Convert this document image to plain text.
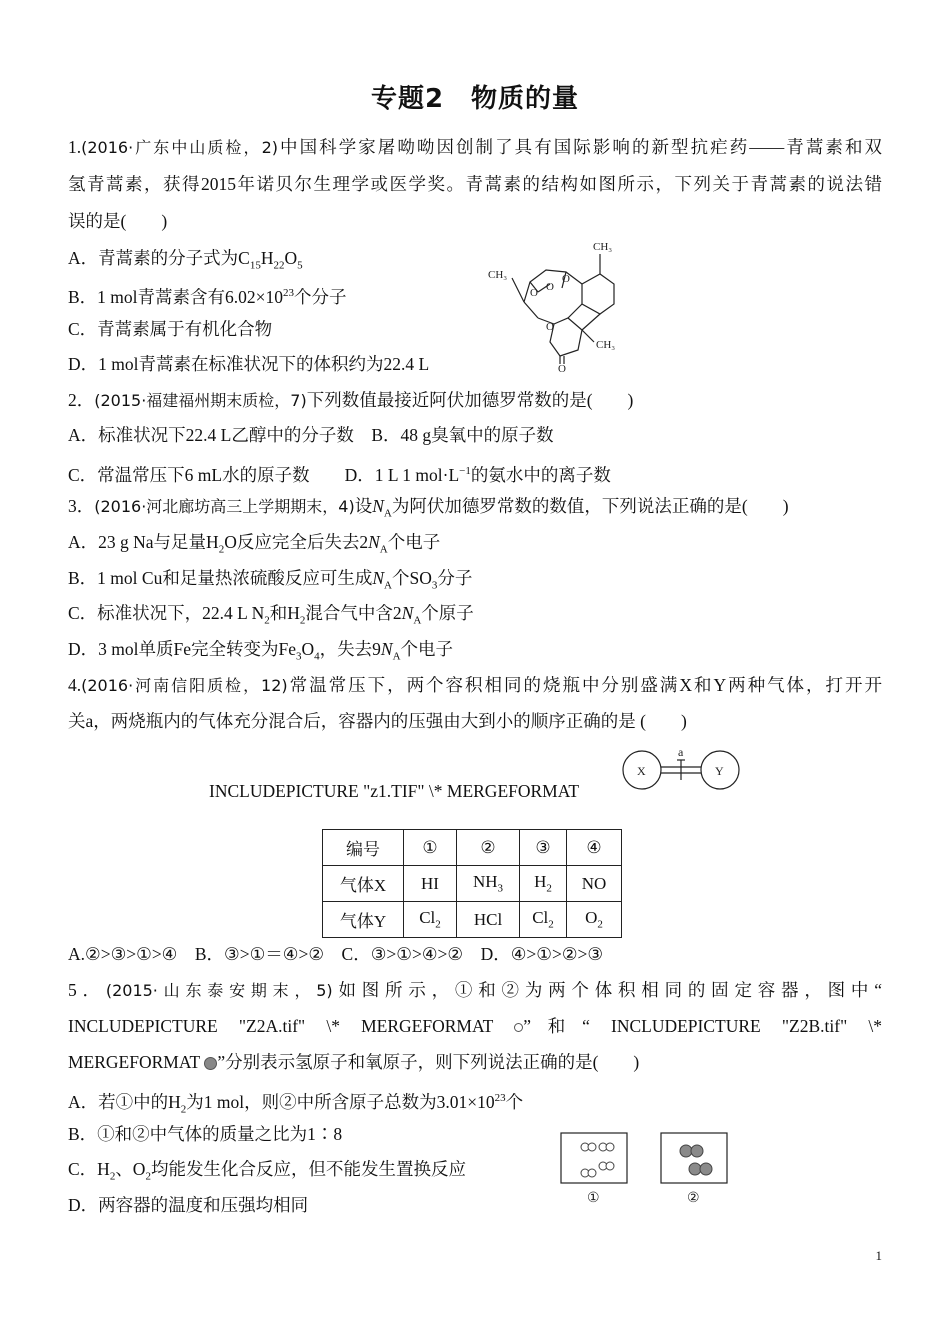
专题2　物质的量
1.(2016·广东中山质检，2)中国科学家屠呦呦因创制了具有国际影响的新型抗疟药——青蒿素和双
氢青蒿素，获得2015年诺贝尔生理学或医学奖。青蒿素的结构如图所示，下列关于青蒿素的说法错
误的是(　　)
A．青蒿素的分子式为$C_{15}H_{22}O_5$
B．1 mol青蒿素含有$6.02\times 10^{23}$个分子
C．青蒿素属于有机化合物
D．1 mol青蒿素在标准状况下的体积约为22.4 L
CH₃
CH₃
O
O
O
O
CH₃
O
2．(2015·福建福州期末质检，7)下列数值最接近阿伏加德罗常数的是(　　)
A．标准状况下22.4 L乙醇中的分子数　B．48 g臭氧中的原子数
C．常温常压下6 mL水的原子数　　D．1 L 1 $mol\cdot L^{-1}$的氨水中的离子数
3．(2016·河北廊坊高三上学期期末，4)设$N_A$为阿伏加德罗常数的数值，下列说法正确的是(　　)
A．23 g Na与足量$H_2O$反应完全后失去$2N_A$个电子
B．1 mol Cu和足量热浓硫酸反应可生成$N_A$个$SO_3$分子
C．标准状况下，22.4 L $N_2$和$H_2$混合气中含$2N_A$个原子
D．3 mol单质Fe完全转变为$Fe_3O_4$，失去$9N_A$个电子
4.(2016·河南信阳质检，12)常温常压下，两个容积相同的烧瓶中分别盛满X和Y两种气体，打开开
关a，两烧瓶内的气体充分混合后，容器内的压强由大到小的顺序正确的是 (　　)
INCLUDEPICTURE "z1.TIF" \* MERGEFORMAT
X	Y
a
编号	①	②	③	④
气体X	HI	$NH_3$	$H_2$	NO
气体Y	$Cl_2$	HCl	$Cl_2$	$O_2$
A.②>③>①>④　B．③>①＝④>②　C．③>①>④>②　D．④>①>②>③
5．(2015·山东泰安期末，5)如图所示，①和②为两个体积相同的固定容器，图中“
INCLUDEPICTURE "Z2A.tif" \* MERGEFORMAT ”和“ INCLUDEPICTURE "Z2B.tif" \*
MERGEFORMAT ”分别表示氢原子和氧原子，则下列说法正确的是(　　)
A．若①中的$H_2$为1 mol，则②中所含原子总数为$3.01\times 10^{23}$个
B．①和②中气体的质量之比为1∶8
C．$H_2$、$O_2$均能发生化合反应，但不能发生置换反应
D．两容器的温度和压强均相同	①	②
1
